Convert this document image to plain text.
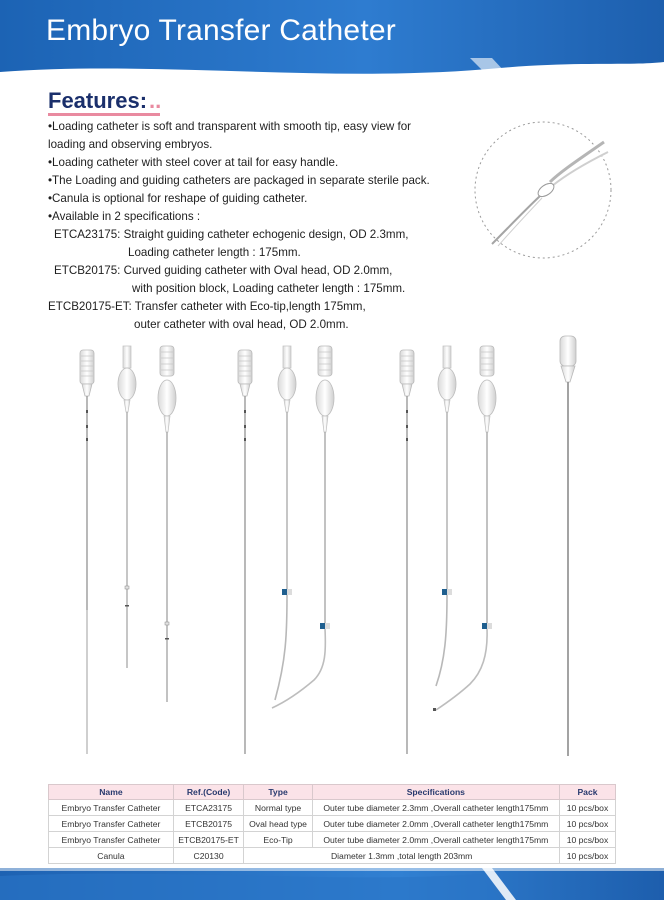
Embryo Transfer Catheter
Features:..
•Loading catheter is soft and transparent with smooth tip, easy view for
loading and observing embryos.
•Loading catheter with steel cover at tail for easy handle.
•The Loading and guiding catheters are packaged in separate sterile pack.
•Canula is optional for reshape of guiding catheter.
•Available in 2 specifications :
ETCA23175: Straight guiding catheter echogenic design, OD 2.3mm,
Loading catheter length : 175mm.
ETCB20175: Curved guiding catheter with Oval head, OD 2.0mm,
with position block, Loading catheter length : 175mm.
ETCB20175-ET: Transfer catheter with Eco-tip,length 175mm,
outer catheter with oval head, OD 2.0mm.
Name	Ref.(Code)	Type	Specifications	Pack
Embryo Transfer Catheter	ETCA23175	Normal type	Outer tube diameter 2.3mm ,Overall catheter length175mm	10 pcs/box
Embryo Transfer Catheter	ETCB20175	Oval head type	Outer tube diameter 2.0mm ,Overall catheter length175mm	10 pcs/box
Embryo Transfer Catheter	ETCB20175-ET	Eco-Tip	Outer tube diameter 2.0mm ,Overall catheter length175mm	10 pcs/box
Canula	C20130	Diameter 1.3mm ,total length 203mm		10 pcs/box
